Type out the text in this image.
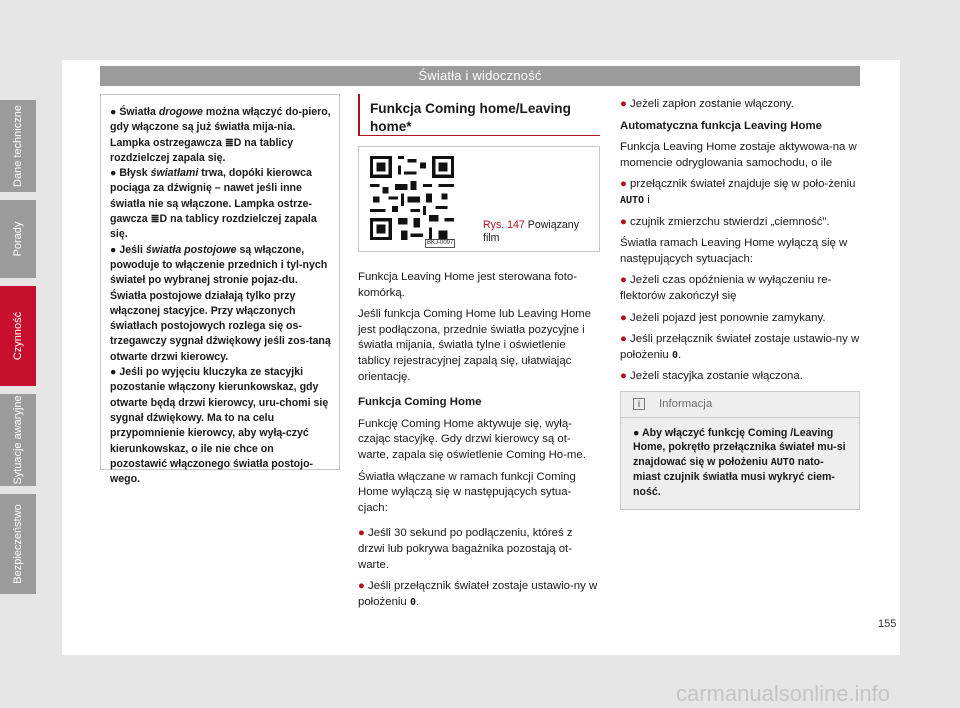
Światła i widoczność

● Światła drogowe można włączyć do-piero, gdy włączone są już światła mija-nia. Lampka ostrzegawcza ≣D na tablicy rozdzielczej zapala się.

● Błysk światłami trwa, dopóki kierowca pociąga za dźwignię – nawet jeśli inne światła nie są włączone. Lampka ostrze-gawcza ≣D na tablicy rozdzielczej zapala się.

● Jeśli światła postojowe są włączone, powoduje to włączenie przednich i tyl-nych świateł po wybranej stronie pojaz-du. Światła postojowe działają tylko przy włączonej stacyjce. Przy włączonych światłach postojowych rozlega się os-trzegawczy sygnał dźwiękowy jeśli zos-taną otwarte drzwi kierowcy.

● Jeśli po wyjęciu kluczyka ze stacyjki pozostanie włączony kierunkowskaz, gdy otwarte będą drzwi kierowcy, uru-chomi się sygnał dźwiękowy. Ma to na celu przypomnienie kierowcy, aby wyłą-czyć kierunkowskaz, o ile nie chce on pozostawić włączonego światła postojo-wego.

Funkcja Coming home/Leaving home*
BKJ-0097
Rys. 147 Powiązany film

Funkcja Leaving Home jest sterowana foto-komórką.

Jeśli funkcja Coming Home lub Leaving Home jest podłączona, przednie światła pozycyjne i światła mijania, światła tylne i oświetlenie tablicy rejestracyjnej zapalą się, ułatwiając orientację.

Funkcja Coming Home

Funkcję Coming Home aktywuje się, wyłą-czając stacyjkę. Gdy drzwi kierowcy są ot-warte, zapala się oświetlenie Coming Ho-me.

Światła włączane w ramach funkcji Coming Home wyłączą się w następujących sytua-cjach:

● Jeśli 30 sekund po podłączeniu, któreś z drzwi lub pokrywa bagażnika pozostają ot-warte.

● Jeśli przełącznik świateł zostaje ustawio-ny w położeniu 0.

● Jeżeli zapłon zostanie włączony.

Automatyczna funkcja Leaving Home

Funkcja Leaving Home zostaje aktywowa-na w momencie odryglowania samochodu, o ile

● przełącznik świateł znajduje się w poło-żeniu AUTO i

● czujnik zmierzchu stwierdzi „ciemność".

Światła ramach Leaving Home wyłączą się w następujących sytuacjach:

● Jeżeli czas opóźnienia w wyłączeniu re-flektorów zakończył się

● Jeżeli pojazd jest ponownie zamykany.

● Jeśli przełącznik świateł zostaje ustawio-ny w położeniu 0.

● Jeżeli stacyjka zostanie włączona.

i	Informacja
● Aby włączyć funkcję Coming /Leaving Home, pokrętło przełącznika świateł mu-si znajdować się w położeniu AUTO nato-miast czujnik światła musi wykryć ciem-ność.
Dane techniczne
Porady
Czynność
Sytuacje awaryjne
Bezpieczeństwo
155
carmanualsonline.info
